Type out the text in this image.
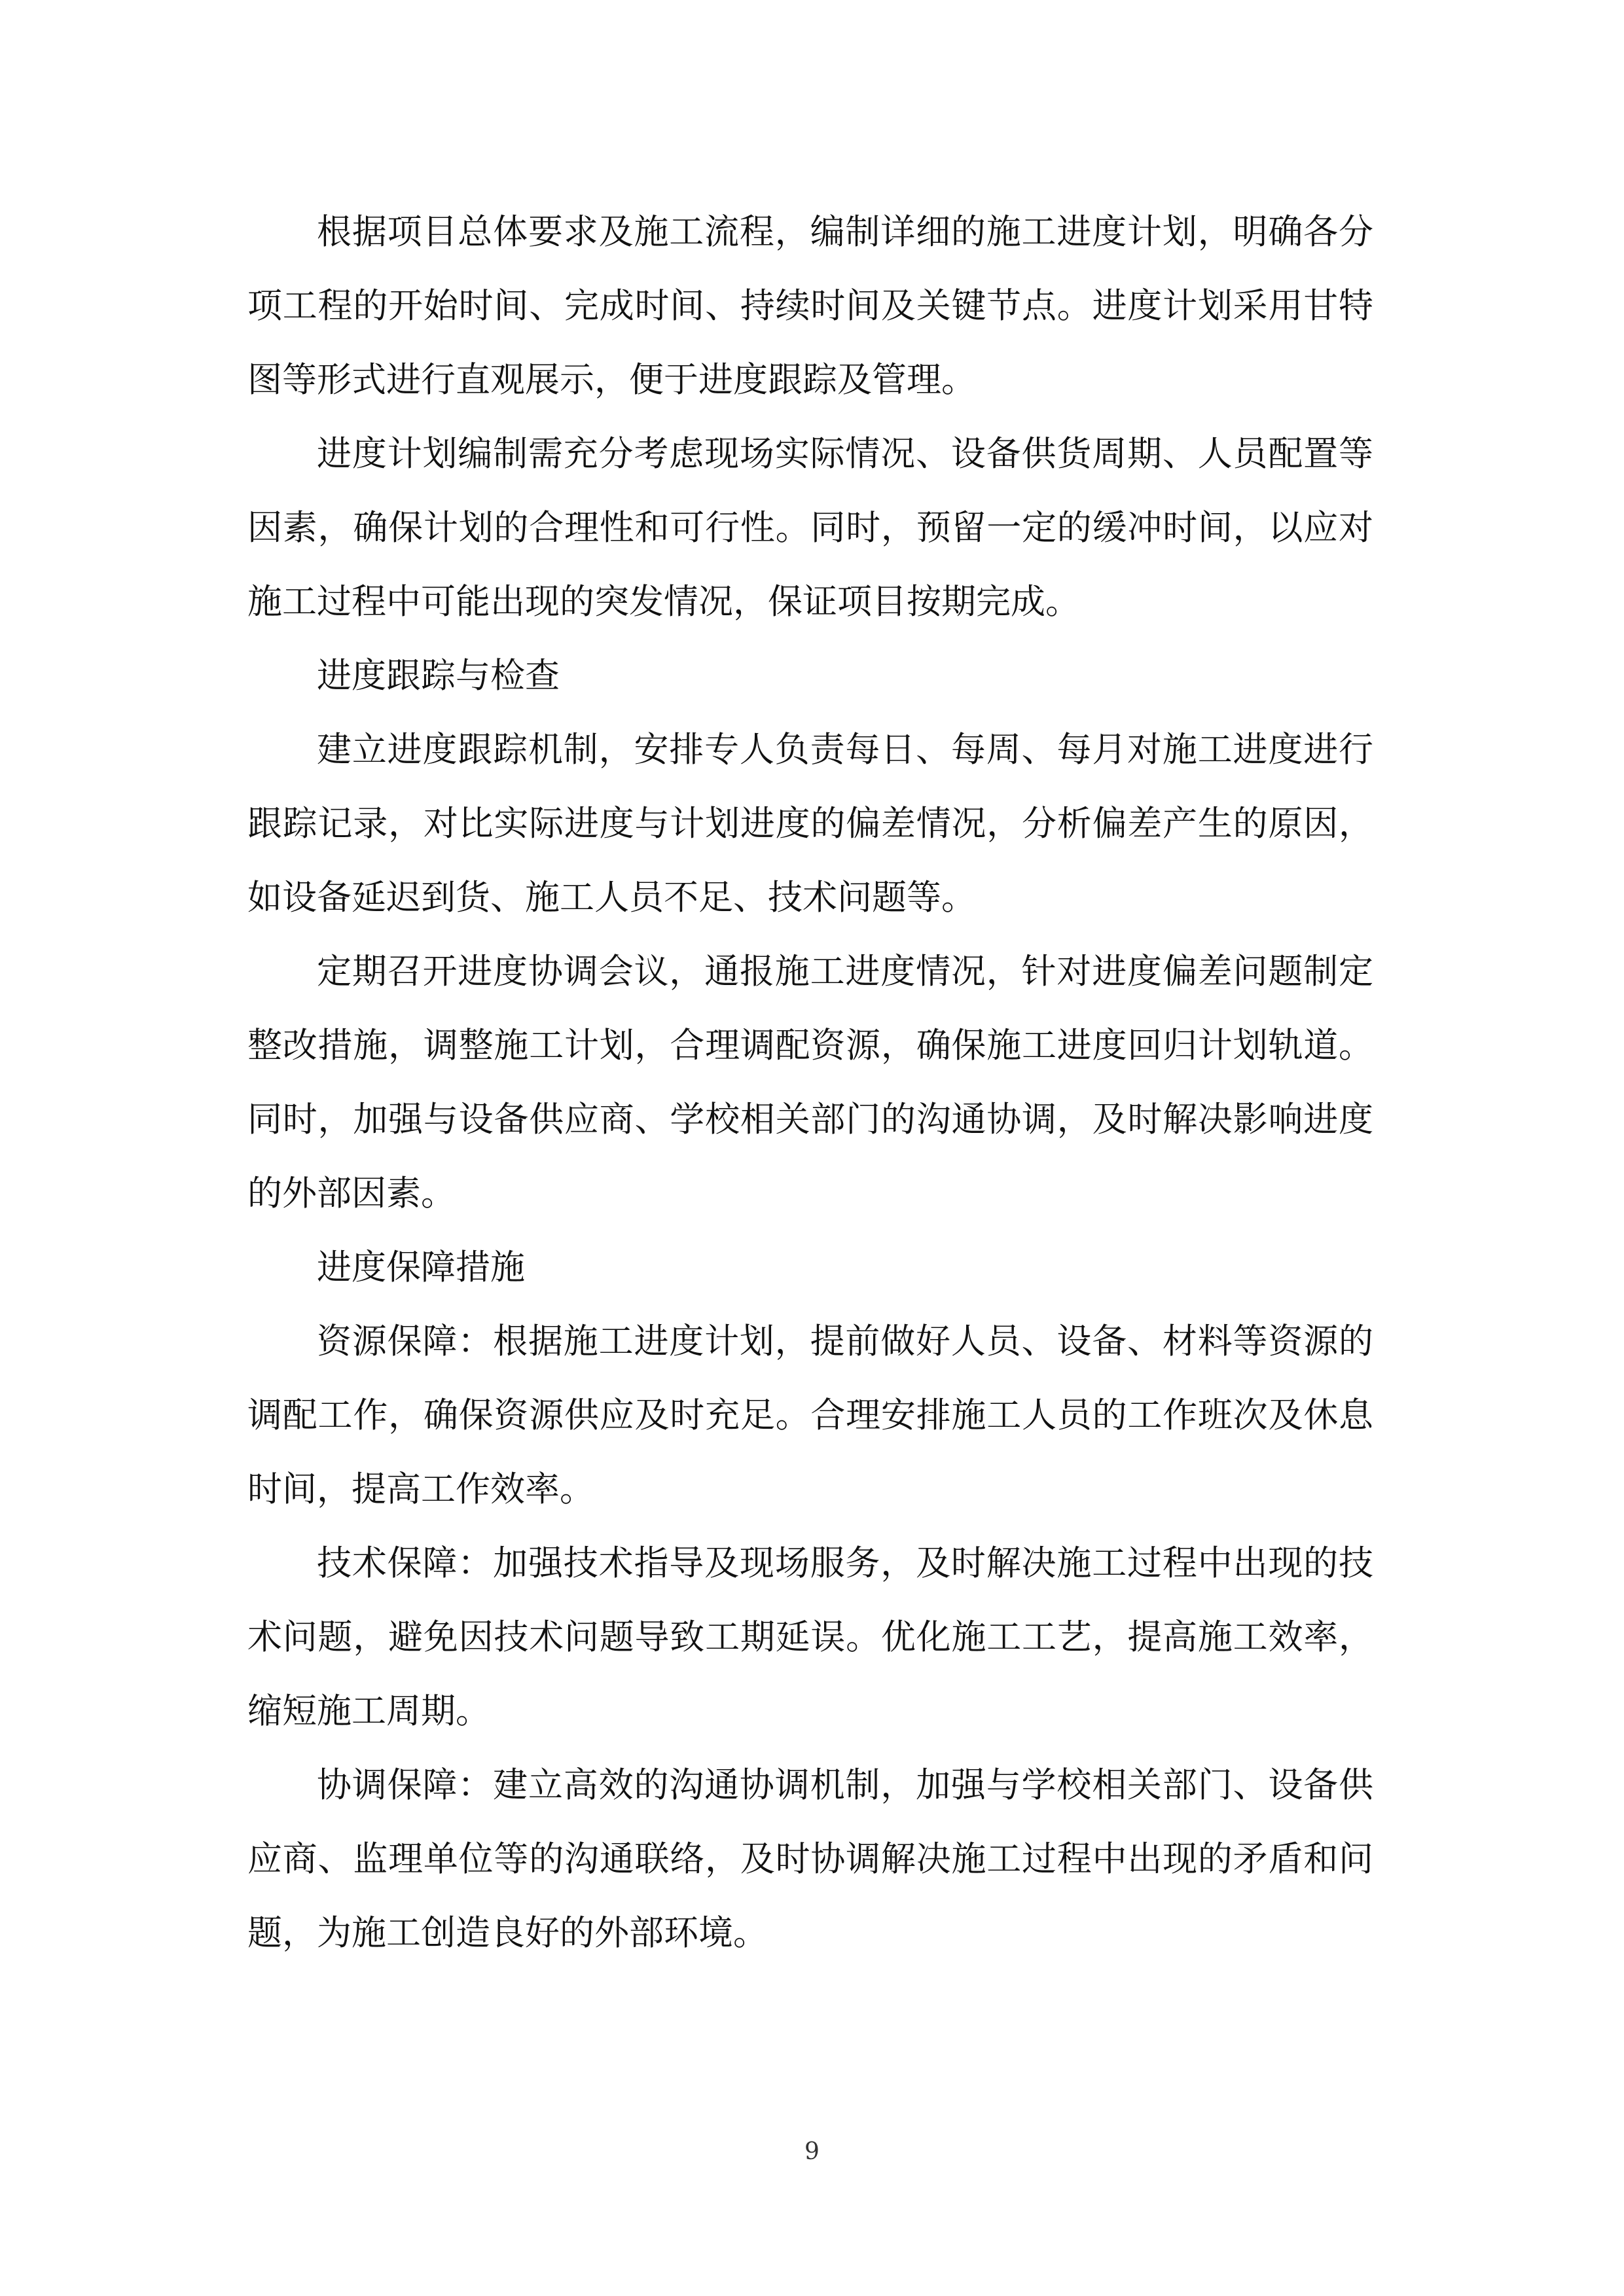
根据项目总体要求及施工流程，编制详细的施工进度计划，明确各分项工程的开始时间、完成时间、持续时间及关键节点。进度计划采用甘特图等形式进行直观展示，便于进度跟踪及管理。

进度计划编制需充分考虑现场实际情况、设备供货周期、人员配置等因素，确保计划的合理性和可行性。同时，预留一定的缓冲时间，以应对施工过程中可能出现的突发情况，保证项目按期完成。

进度跟踪与检查

建立进度跟踪机制，安排专人负责每日、每周、每月对施工进度进行跟踪记录，对比实际进度与计划进度的偏差情况，分析偏差产生的原因，如设备延迟到货、施工人员不足、技术问题等。

定期召开进度协调会议，通报施工进度情况，针对进度偏差问题制定整改措施，调整施工计划，合理调配资源，确保施工进度回归计划轨道。同时，加强与设备供应商、学校相关部门的沟通协调，及时解决影响进度的外部因素。

进度保障措施

资源保障：根据施工进度计划，提前做好人员、设备、材料等资源的调配工作，确保资源供应及时充足。合理安排施工人员的工作班次及休息时间，提高工作效率。

技术保障：加强技术指导及现场服务，及时解决施工过程中出现的技术问题，避免因技术问题导致工期延误。优化施工工艺，提高施工效率，缩短施工周期。

协调保障：建立高效的沟通协调机制，加强与学校相关部门、设备供应商、监理单位等的沟通联络，及时协调解决施工过程中出现的矛盾和问题，为施工创造良好的外部环境。

9
